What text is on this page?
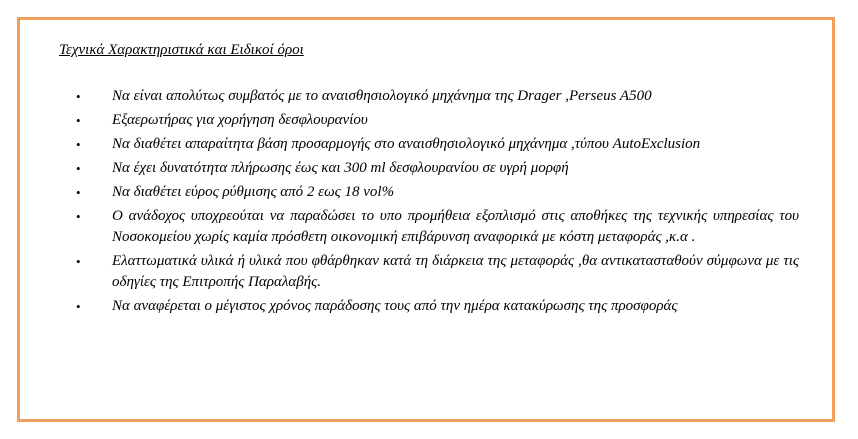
Τεχνικά Χαρακτηριστικά και Ειδικοί όροι
• Να είναι απολύτως συμβατός με το αναισθησιολογικό μηχάνημα της Drager ,Perseus A500
• Εξαερωτήρας για χορήγηση δεσφλουρανίου
• Να διαθέτει απαραίτητα βάση προσαρμογής στο αναισθησιολογικό μηχάνημα ,τύπου AutoExclusion
• Να έχει δυνατότητα πλήρωσης έως και 300 ml δεσφλουρανίου σε υγρή μορφή
• Να διαθέτει εύρος ρύθμισης από 2 εως 18 vol%
• Ο ανάδοχος υποχρεούται να παραδώσει το υπο προμήθεια εξοπλισμό στις αποθήκες της τεχνικής υπηρεσίας του Νοσοκομείου χωρίς καμία πρόσθετη οικονομική επιβάρυνση αναφορικά με κόστη μεταφοράς ,κ.α .
• Ελαττωματικά υλικά ή υλικά που φθάρθηκαν κατά τη διάρκεια της μεταφοράς ,θα αντικατασταθούν σύμφωνα με τις οδηγίες της Επιτροπής Παραλαβής.
• Να αναφέρεται ο μέγιστος χρόνος παράδοσης τους από την ημέρα κατακύρωσης της προσφοράς
